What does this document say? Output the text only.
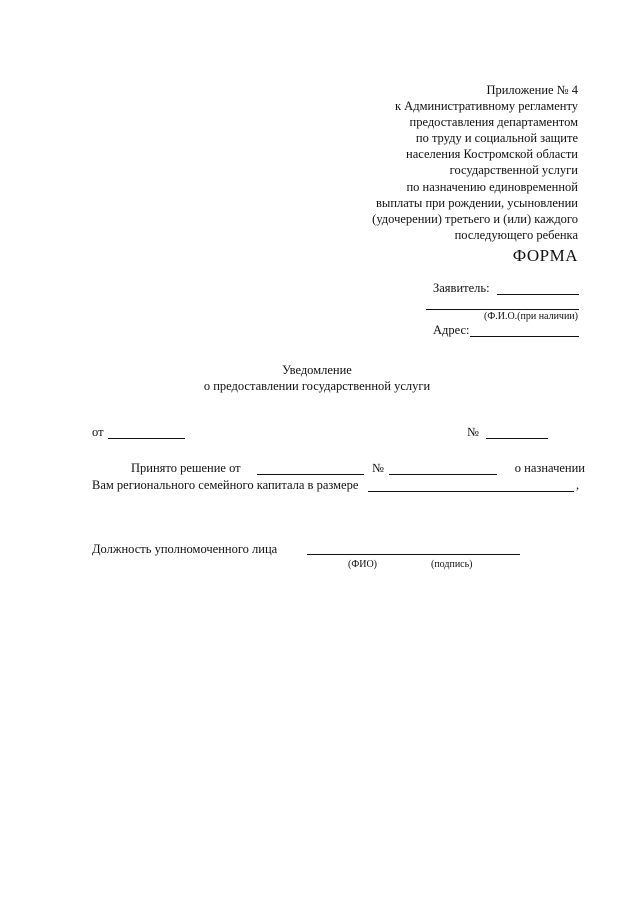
Приложение № 4
к Административному регламенту
предоставления департаментом
по труду и социальной защите
населения Костромской области
государственной услуги
по назначению единовременной
выплаты при рождении, усыновлении
(удочерении) третьего и (или) каждого
последующего ребенка
ФОРМА
Заявитель:
(Ф.И.О.(при наличии)
Адрес:
Уведомление
о предоставлении государственной услуги
от	№
Принято решение от	№	о назначении
Вам регионального семейного капитала в размере	,
Должность уполномоченного лица
(ФИО)	(подпись)
